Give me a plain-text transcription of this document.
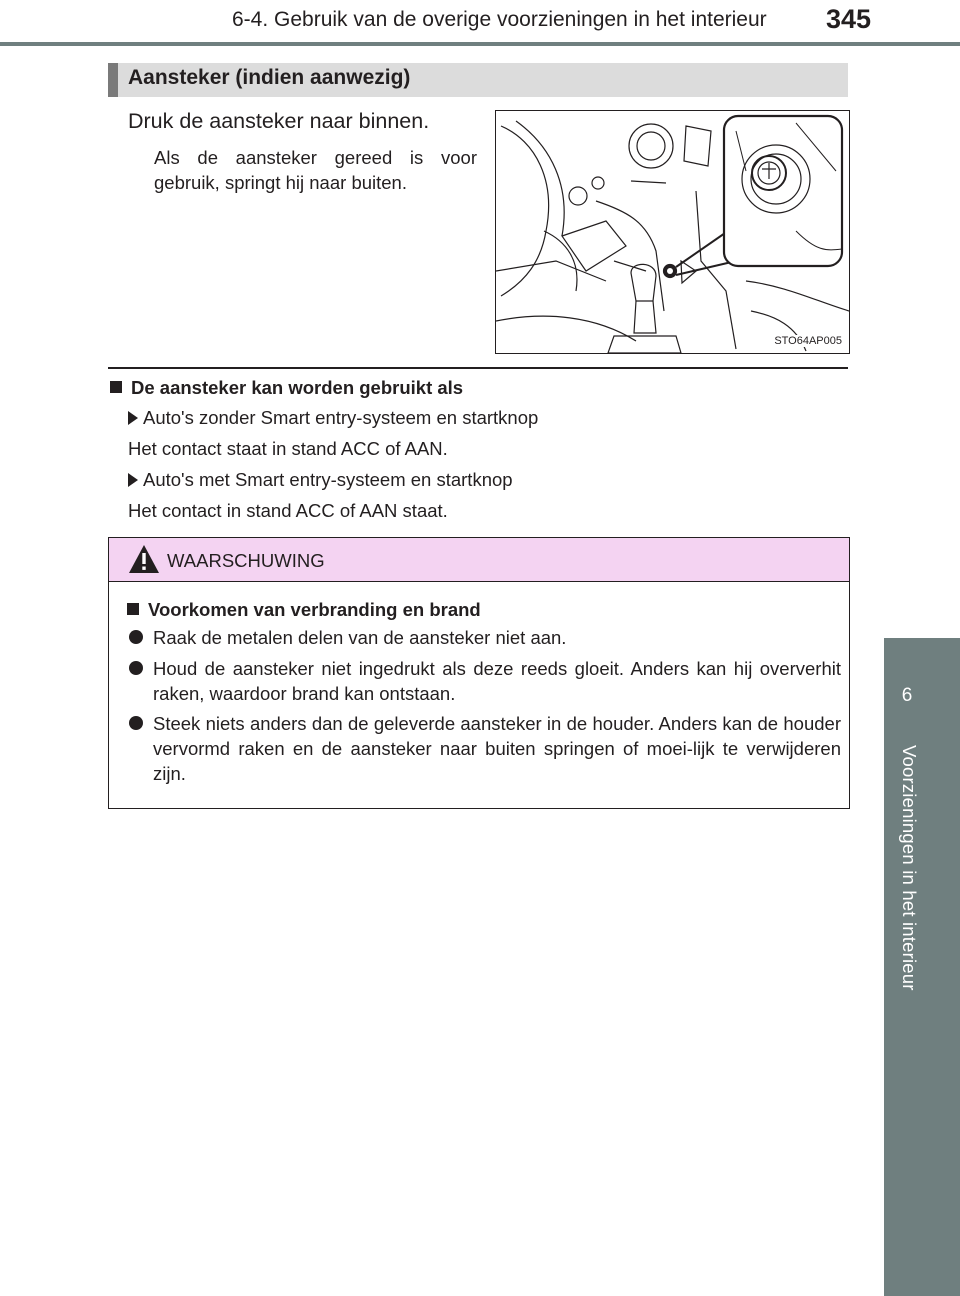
6-4. Gebruik van de overige voorzieningen in het interieur 345
6
Voorzieningen in het interieur
Aansteker (indien aanwezig)
Druk de aansteker naar binnen.
Als de aansteker gereed is voor gebruik, springt hij naar buiten.
STO64AP005
De aansteker kan worden gebruikt als
Auto's zonder Smart entry-systeem en startknop
Het contact staat in stand ACC of AAN.
Auto's met Smart entry-systeem en startknop
Het contact in stand ACC of AAN staat.
WAARSCHUWING
Voorkomen van verbranding en brand
Raak de metalen delen van de aansteker niet aan.
Houd de aansteker niet ingedrukt als deze reeds gloeit. Anders kan hij oververhit raken, waardoor brand kan ontstaan.
Steek niets anders dan de geleverde aansteker in de houder. Anders kan de houder vervormd raken en de aansteker naar buiten springen of moei-lijk te verwijderen zijn.
